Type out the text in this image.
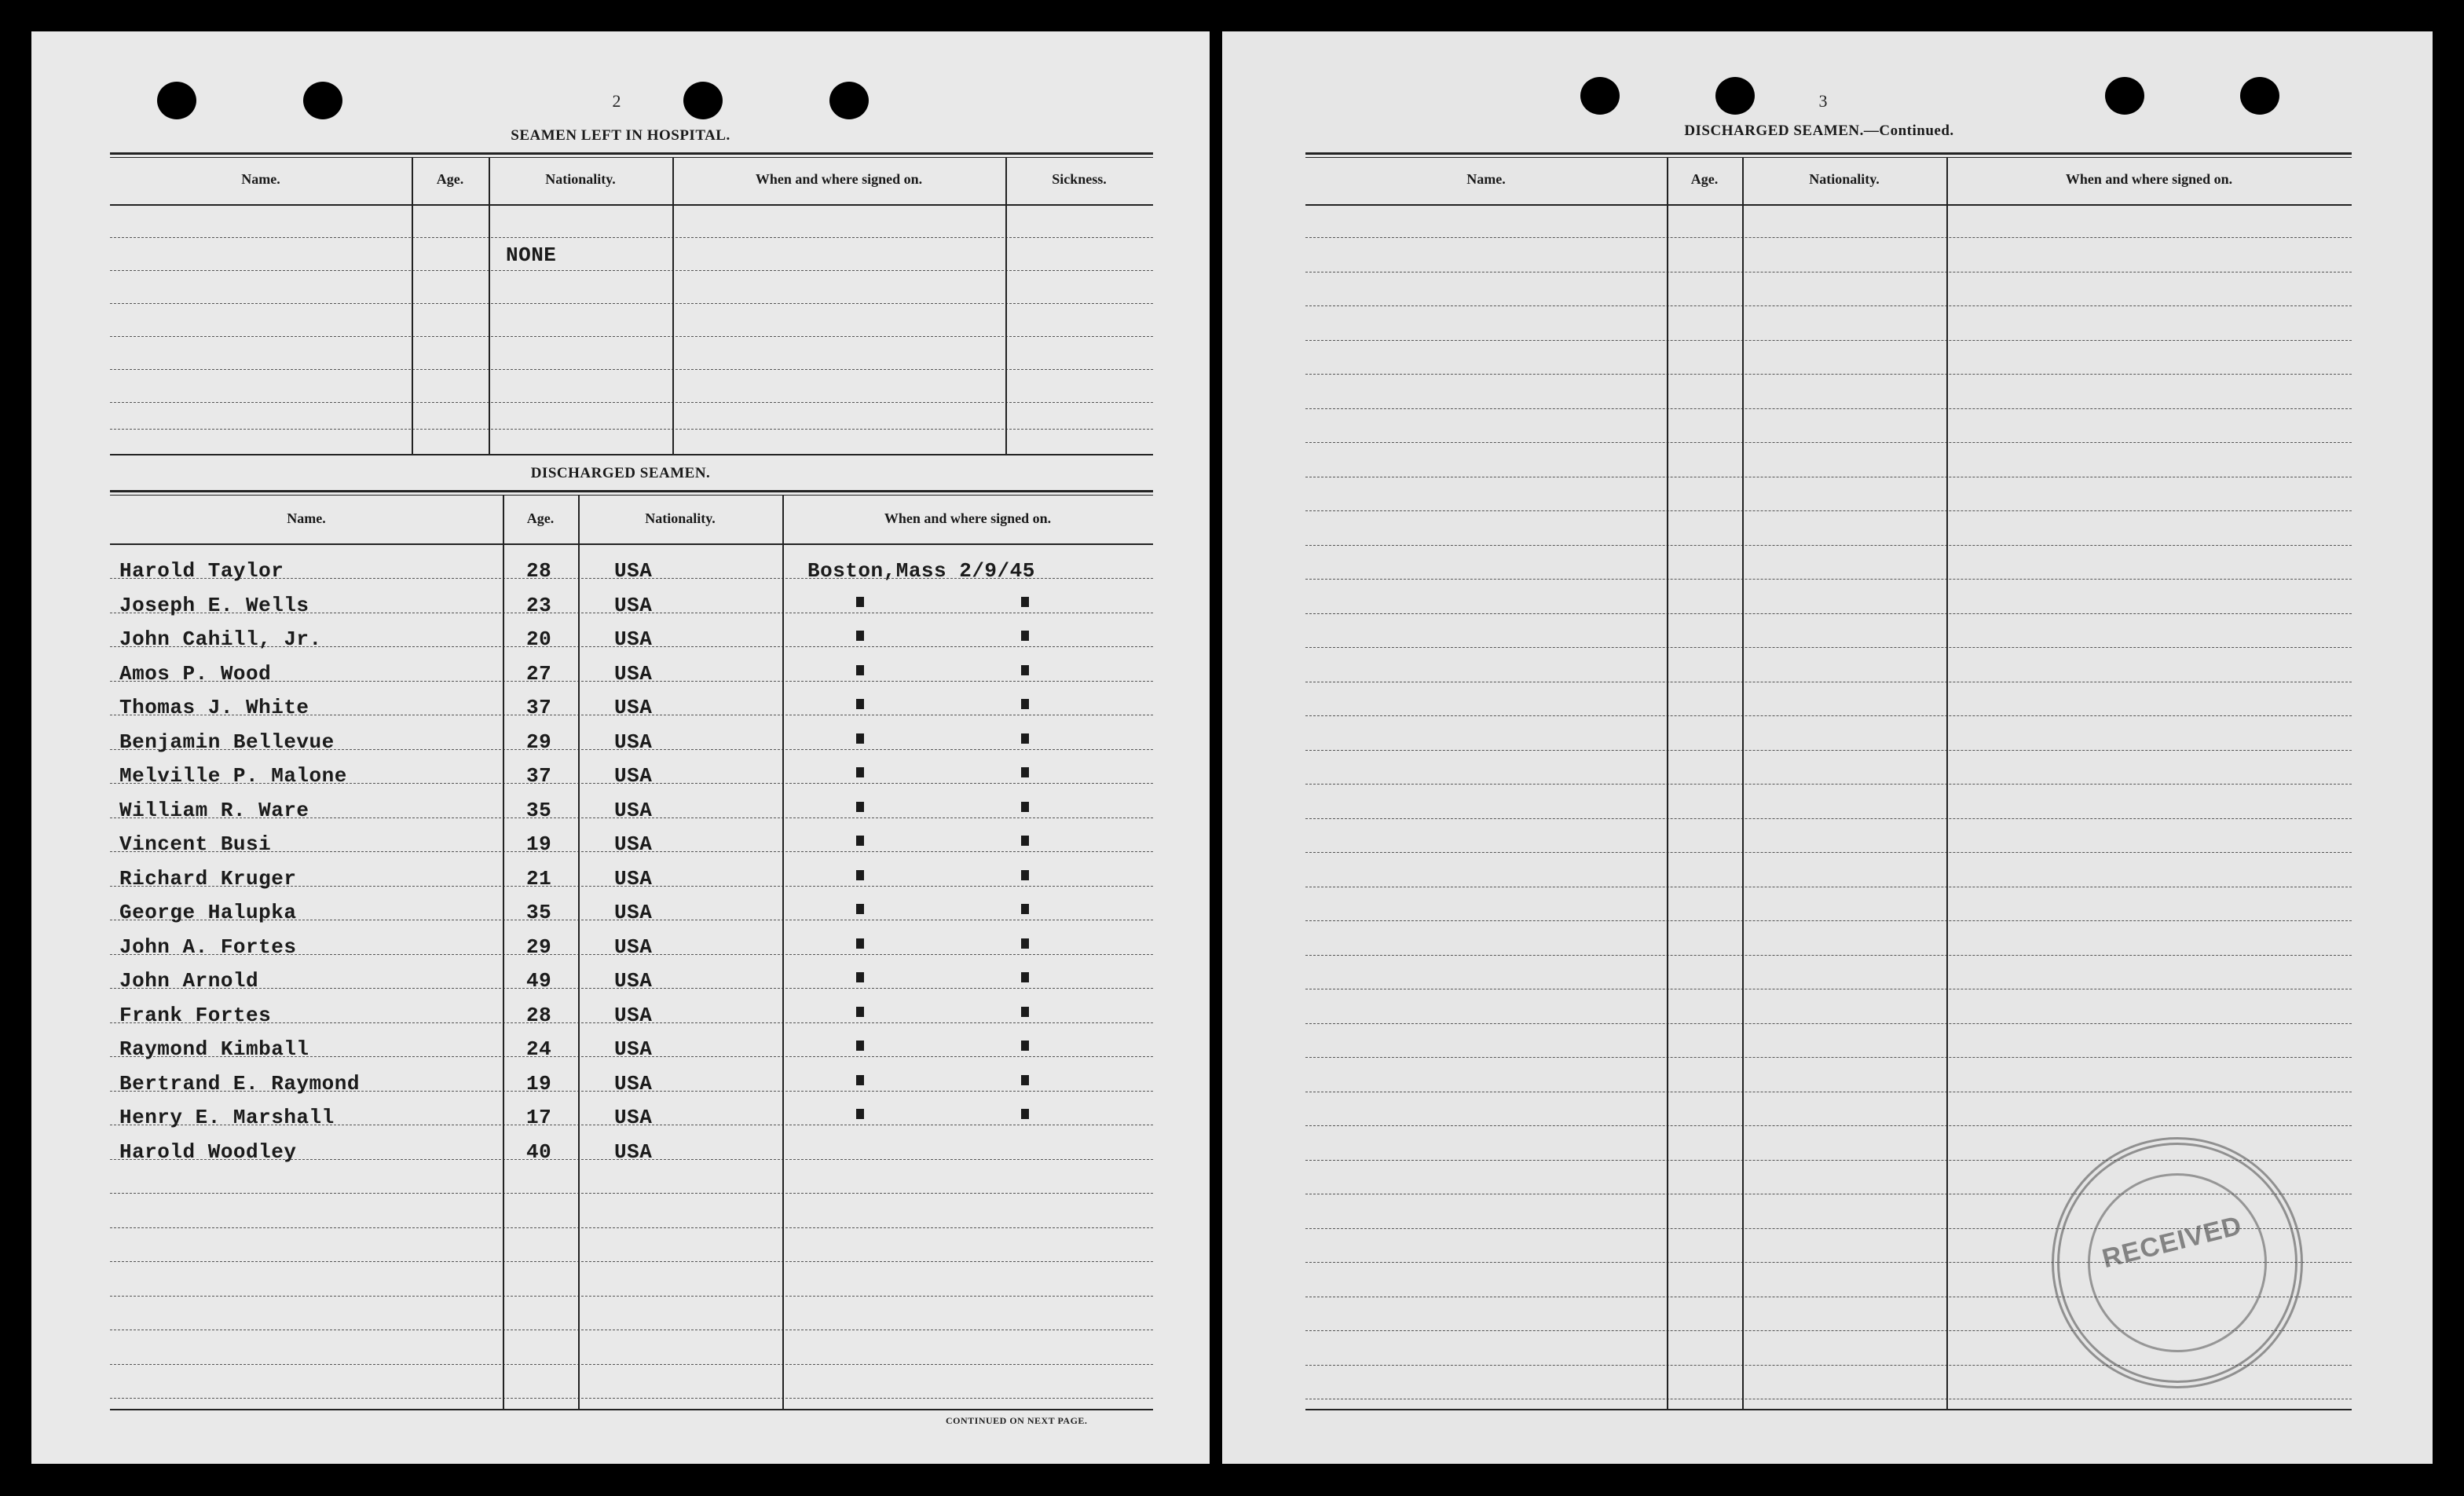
2
SEAMEN LEFT IN HOSPITAL.
Name.	Age.	Nationality.	When and where signed on.	Sickness.
NONE
DISCHARGED SEAMEN.
Name.	Age.	Nationality.	When and where signed on.
Harold Taylor	28	USA	Boston,Mass 2/9/45
Joseph E. Wells	23	USA
John Cahill, Jr.	20	USA
Amos P. Wood	27	USA
Thomas J. White	37	USA
Benjamin Bellevue	29	USA
Melville P. Malone	37	USA
William R. Ware	35	USA
Vincent Busi	19	USA
Richard Kruger	21	USA
George Halupka	35	USA
John A. Fortes	29	USA
John Arnold	49	USA
Frank Fortes	28	USA
Raymond Kimball	24	USA
Bertrand E. Raymond	19	USA
Henry E. Marshall	17	USA
Harold Woodley	40	USA
CONTINUED ON NEXT PAGE.
3
DISCHARGED SEAMEN.—Continued.
Name.	Age.	Nationality.	When and where signed on.
RECEIVED
